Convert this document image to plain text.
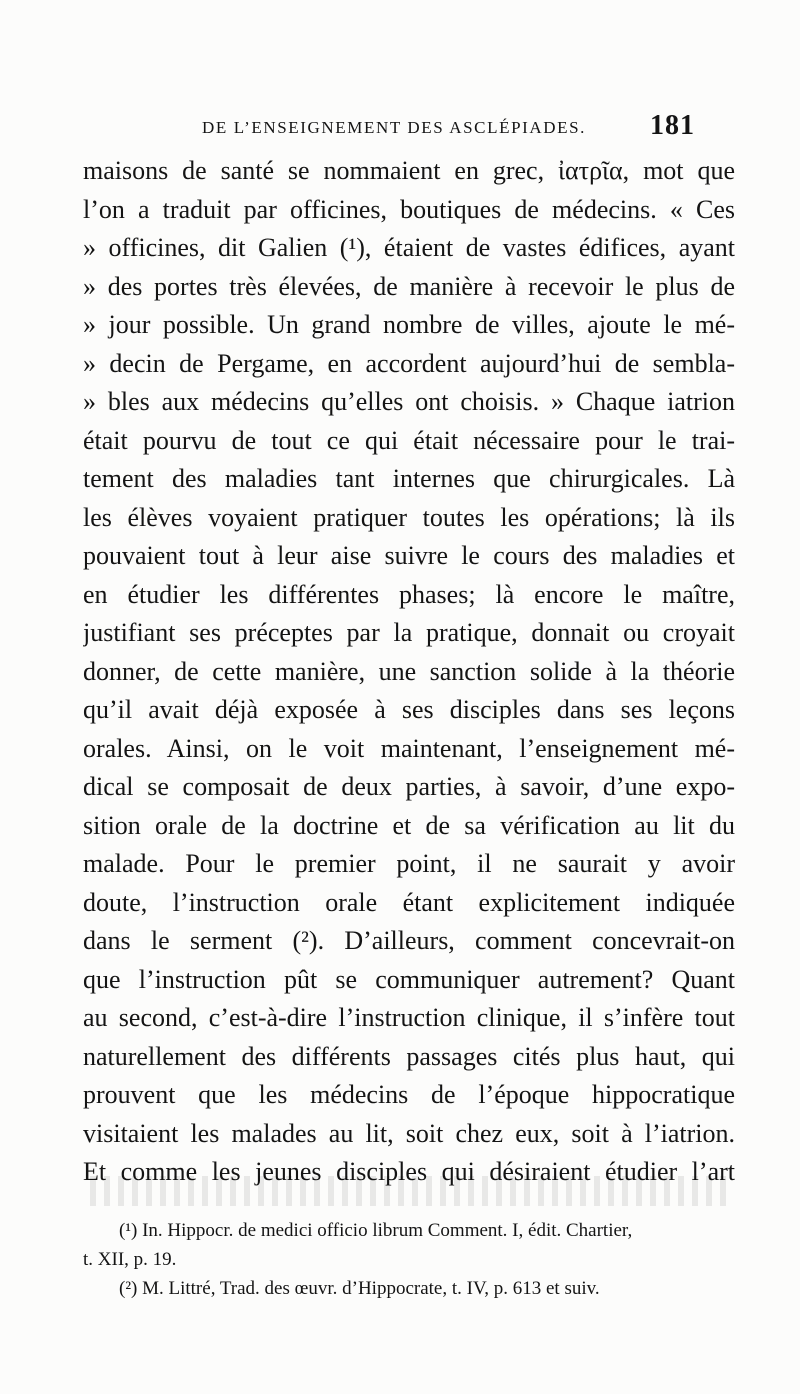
DE L’ENSEIGNEMENT DES ASCLÉPIADES. 181
maisons de santé se nommaient en grec, ἰατρῖα, mot que
l’on a traduit par officines, boutiques de médecins. « Ces
» officines, dit Galien (¹), étaient de vastes édifices, ayant
» des portes très élevées, de manière à recevoir le plus de
» jour possible. Un grand nombre de villes, ajoute le mé-
» decin de Pergame, en accordent aujourd’hui de sembla-
» bles aux médecins qu’elles ont choisis. » Chaque iatrion
était pourvu de tout ce qui était nécessaire pour le trai-
tement des maladies tant internes que chirurgicales. Là
les élèves voyaient pratiquer toutes les opérations; là ils
pouvaient tout à leur aise suivre le cours des maladies et
en étudier les différentes phases; là encore le maître,
justifiant ses préceptes par la pratique, donnait ou croyait
donner, de cette manière, une sanction solide à la théorie
qu’il avait déjà exposée à ses disciples dans ses leçons
orales. Ainsi, on le voit maintenant, l’enseignement mé-
dical se composait de deux parties, à savoir, d’une expo-
sition orale de la doctrine et de sa vérification au lit du
malade. Pour le premier point, il ne saurait y avoir
doute, l’instruction orale étant explicitement indiquée
dans le serment (²). D’ailleurs, comment concevrait-on
que l’instruction pût se communiquer autrement? Quant
au second, c’est-à-dire l’instruction clinique, il s’infère tout
naturellement des différents passages cités plus haut, qui
prouvent que les médecins de l’époque hippocratique
visitaient les malades au lit, soit chez eux, soit à l’iatrion.
Et comme les jeunes disciples qui désiraient étudier l’art
(¹) In. Hippocr. de medici officio librum Comment. I, édit. Chartier,
t. XII, p. 19.
(²) M. Littré, Trad. des œuvr. d’Hippocrate, t. IV, p. 613 et suiv.
